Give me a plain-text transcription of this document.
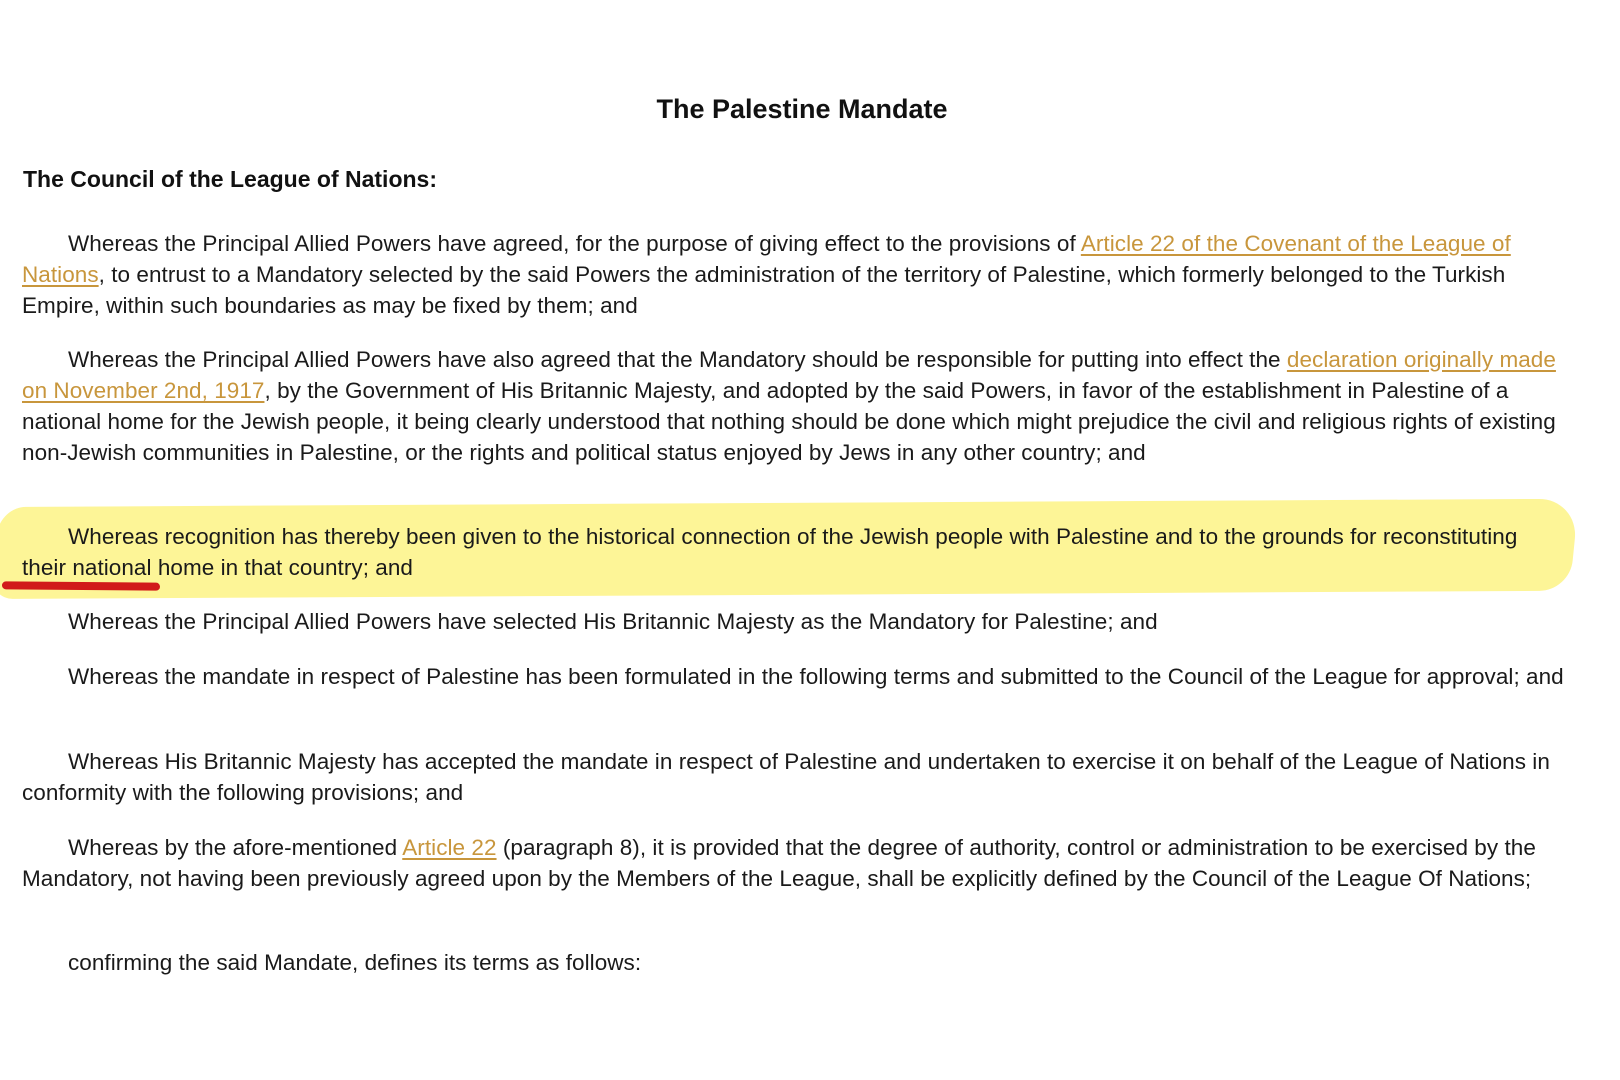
The Palestine Mandate
The Council of the League of Nations:

Whereas the Principal Allied Powers have agreed, for the purpose of giving effect to the provisions of Article 22 of the Covenant of the League of Nations, to entrust to a Mandatory selected by the said Powers the administration of the territory of Palestine, which formerly belonged to the Turkish Empire, within such boundaries as may be fixed by them; and

Whereas the Principal Allied Powers have also agreed that the Mandatory should be responsible for putting into effect the declaration originally made on November 2nd, 1917, by the Government of His Britannic Majesty, and adopted by the said Powers, in favor of the establishment in Palestine of a national home for the Jewish people, it being clearly understood that nothing should be done which might prejudice the civil and religious rights of existing non-Jewish communities in Palestine, or the rights and political status enjoyed by Jews in any other country; and

Whereas recognition has thereby been given to the historical connection of the Jewish people with Palestine and to the grounds for reconstituting their national home in that country; and

Whereas the Principal Allied Powers have selected His Britannic Majesty as the Mandatory for Palestine; and

Whereas the mandate in respect of Palestine has been formulated in the following terms and submitted to the Council of the League for approval; and

Whereas His Britannic Majesty has accepted the mandate in respect of Palestine and undertaken to exercise it on behalf of the League of Nations in conformity with the following provisions; and

Whereas by the afore-mentioned Article 22 (paragraph 8), it is provided that the degree of authority, control or administration to be exercised by the Mandatory, not having been previously agreed upon by the Members of the League, shall be explicitly defined by the Council of the League Of Nations;

confirming the said Mandate, defines its terms as follows:
